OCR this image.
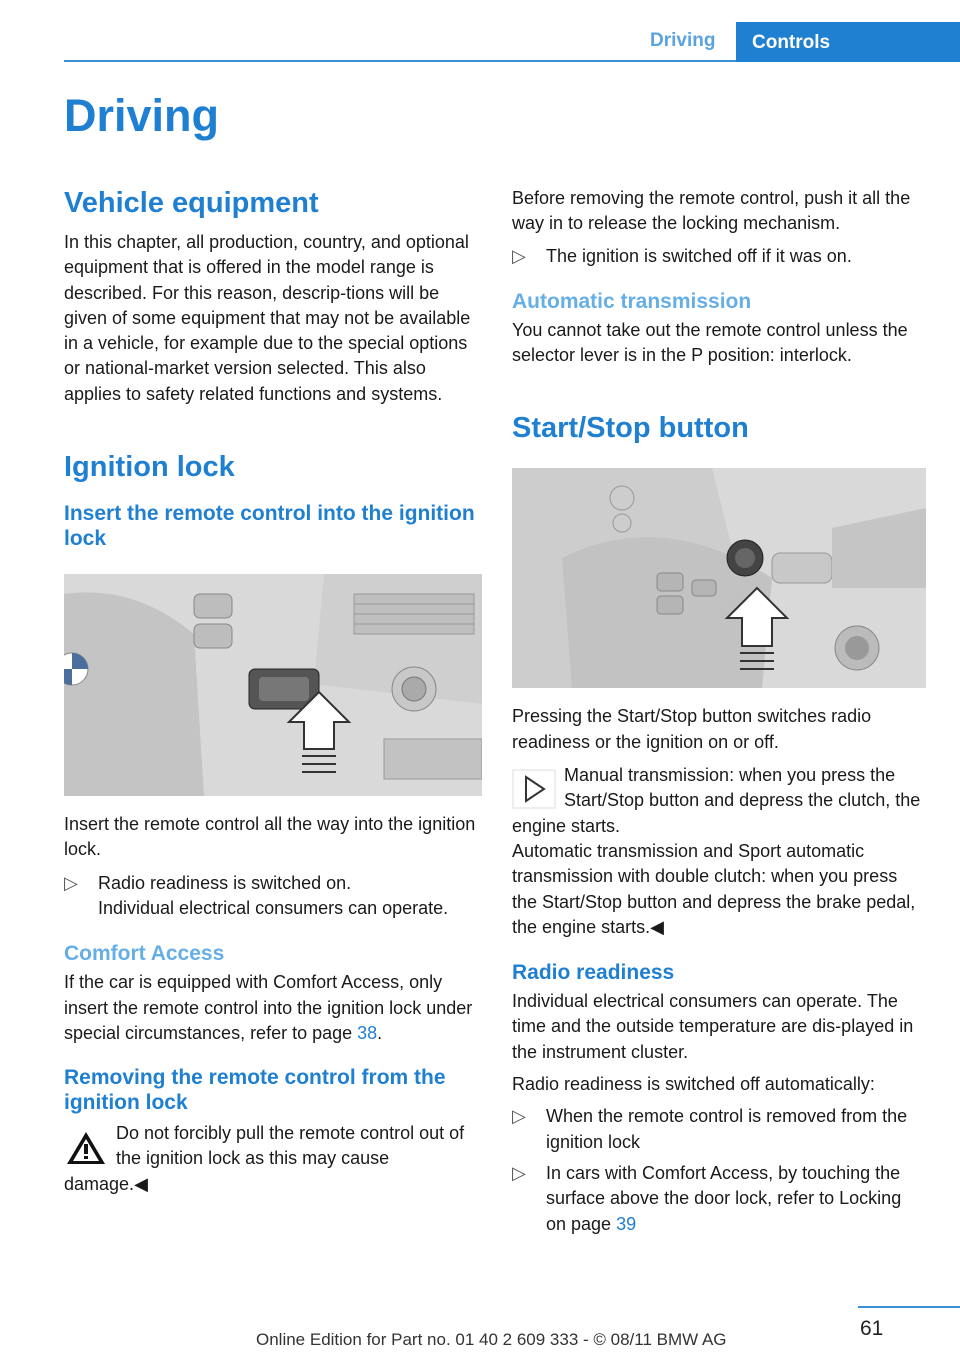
Driving Controls
Driving
Vehicle equipment

In this chapter, all production, country, and optional equipment that is offered in the model range is described. For this reason, descrip-tions will be given of some equipment that may not be available in a vehicle, for example due to the special options or national-market version selected. This also applies to safety related functions and systems.

Ignition lock
Insert the remote control into the ignition lock

Insert the remote control all the way into the ignition lock.

▷ Radio readiness is switched on.
Individual electrical consumers can operate.
Comfort Access

If the car is equipped with Comfort Access, only insert the remote control into the ignition lock under special circumstances, refer to page 38.

Removing the remote control from the ignition lock

Do not forcibly pull the remote control out of the ignition lock as this may cause damage.◀

Before removing the remote control, push it all the way in to release the locking mechanism.

▷ The ignition is switched off if it was on.
Automatic transmission

You cannot take out the remote control unless the selector lever is in the P position: interlock.

Start/Stop button

Pressing the Start/Stop button switches radio readiness or the ignition on or off.

Manual transmission: when you press the Start/Stop button and depress the clutch, the engine starts.

Automatic transmission and Sport automatic transmission with double clutch: when you press the Start/Stop button and depress the brake pedal, the engine starts.◀

Radio readiness

Individual electrical consumers can operate. The time and the outside temperature are dis-played in the instrument cluster.

Radio readiness is switched off automatically:

▷ When the remote control is removed from the ignition lock
▷ In cars with Comfort Access, by touching the surface above the door lock, refer to Locking on page 39
61
Online Edition for Part no. 01 40 2 609 333 - © 08/11 BMW AG
